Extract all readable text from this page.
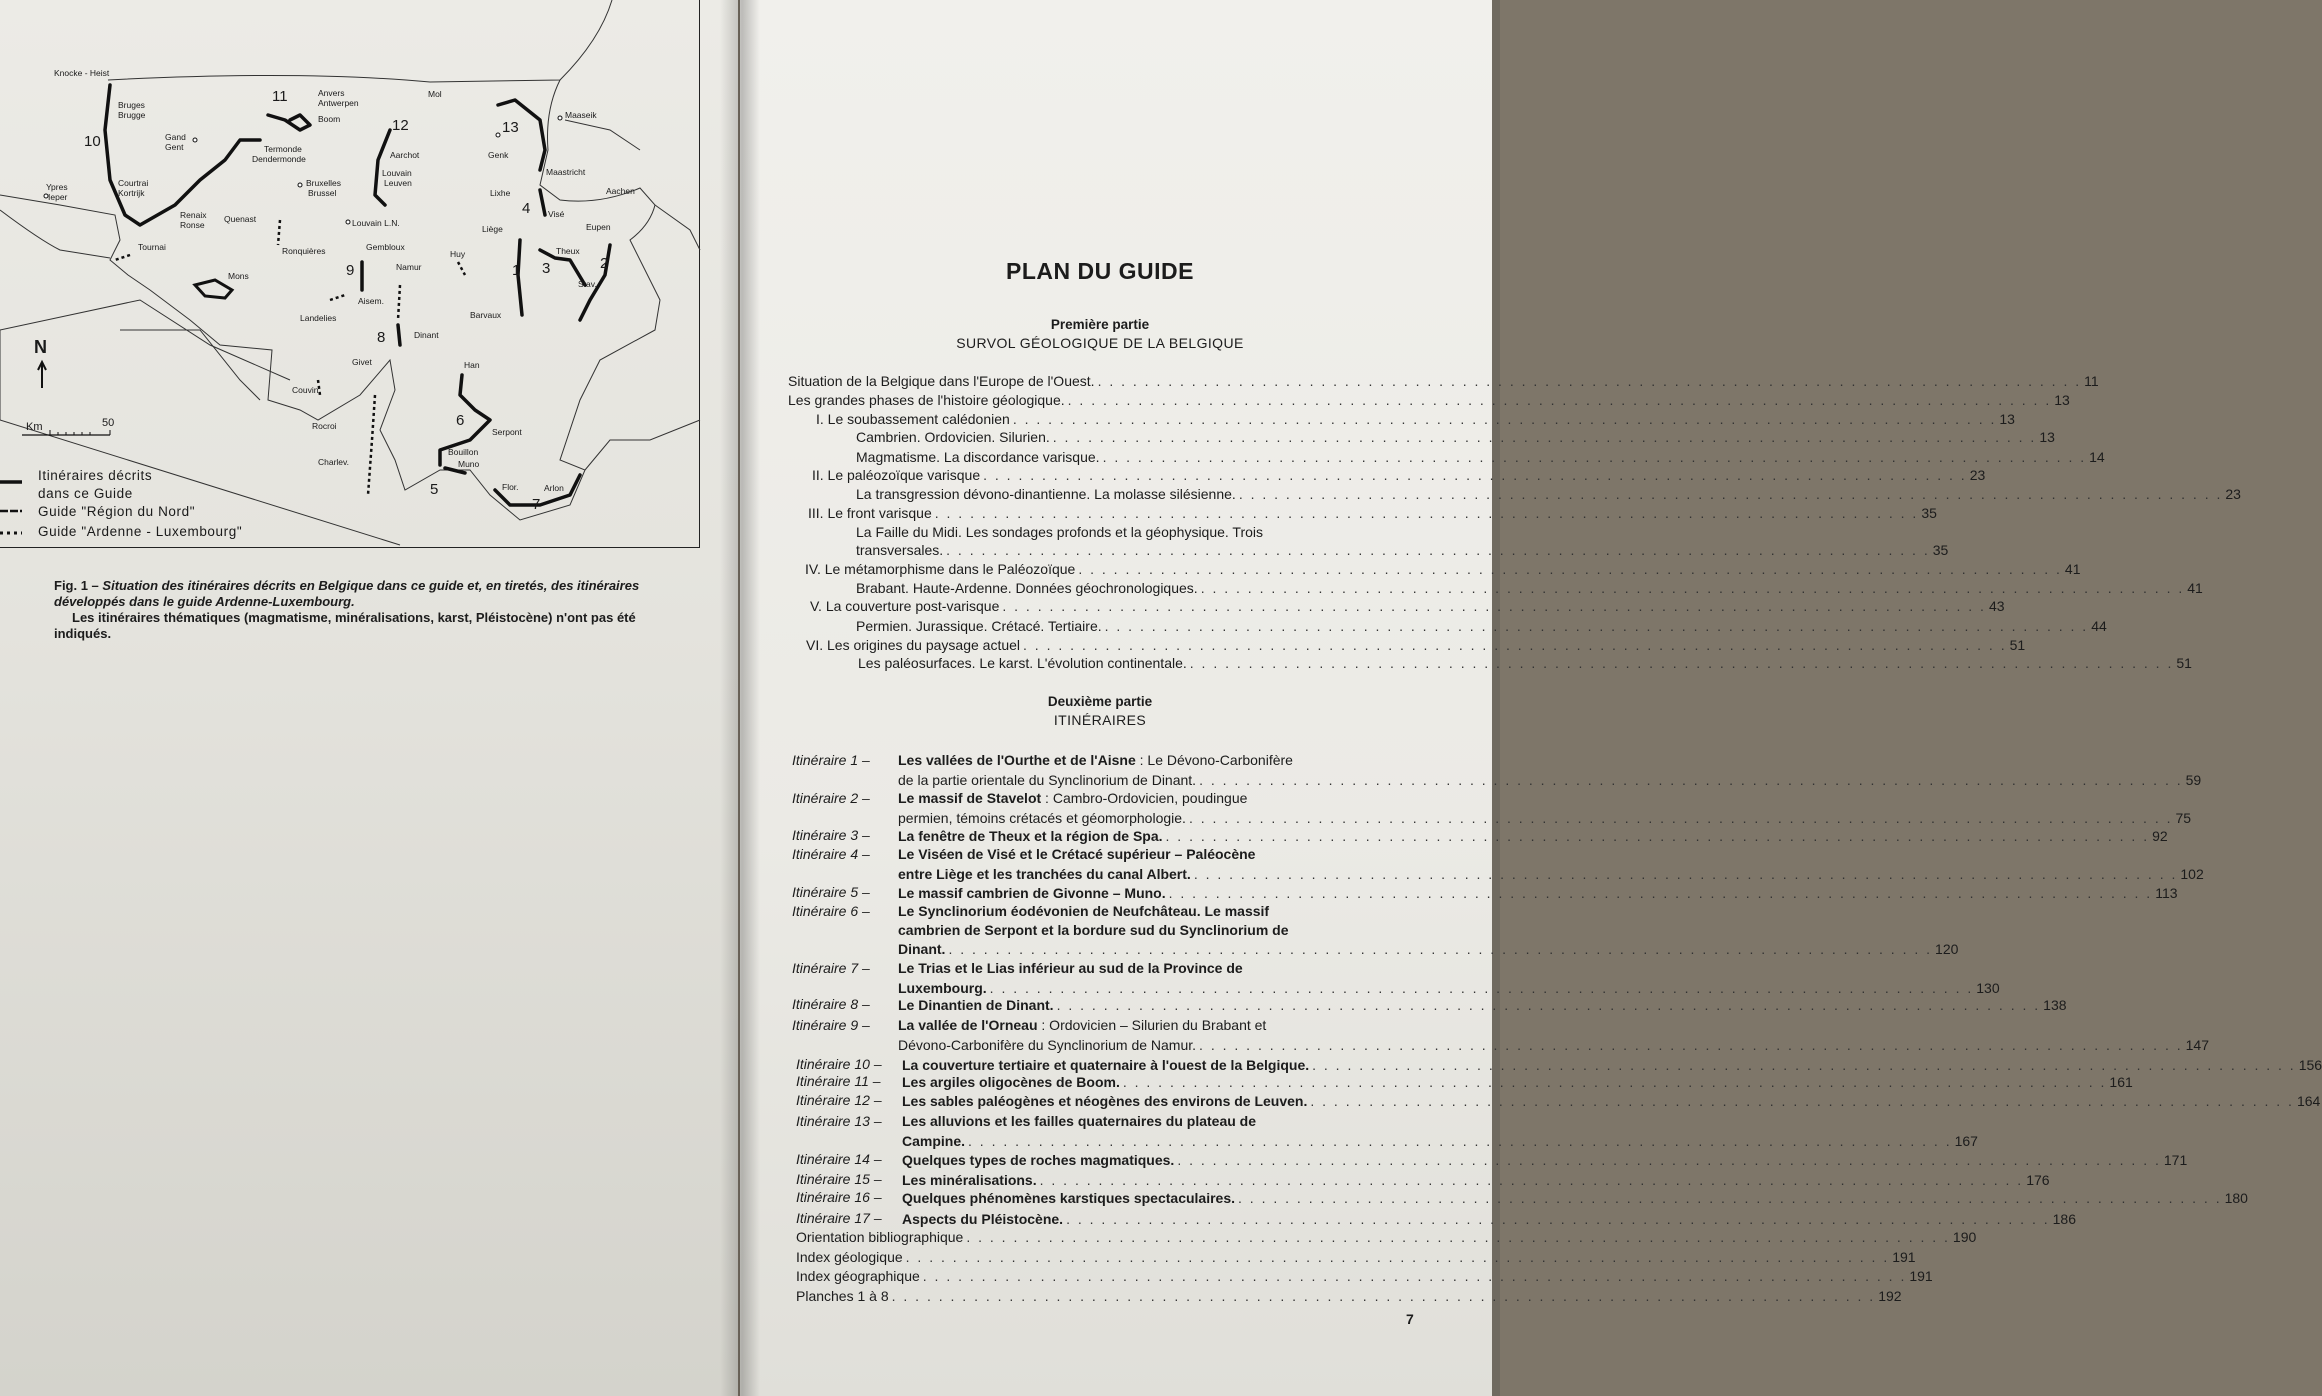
Knocke - Heist
Bruges
Brugge
Gand
Gent
Ypres
Ieper
Courtrai
Kortrijk
Renaix
Ronse
Tournai
Quenast
Termonde
Dendermonde
Bruxelles
Brussel
Anvers
Antwerpen
Boom
Mol
Aarchot
Louvain
Leuven
Louvain L.N.
Genk
Maaseik
Maastricht
Aachen
Lixhe
Visé
Liège	Eupen
Theux
Stav.
Huy
Namur
Gembloux
Ronquières
Mons
Aisem.
Landelies	Barvaux
Dinant
Givet	Han
Couvin
Rocroi
Serpont
Bouillon
Muno
Charlev.
Flor.	Arlon
1	2
3
4
5
6
7
8
9
10
11
12	13
N
Km	50
Itinéraires décrits
dans ce Guide
Guide "Région du Nord"
Guide "Ardenne - Luxembourg"
Fig. 1 – Situation des itinéraires décrits en Belgique dans ce guide et, en tiretés, des itinéraires développés dans le guide Ardenne-Luxembourg.

Les itinéraires thématiques (magmatisme, minéralisations, karst, Pléistocène) n'ont pas été indiqués.

PLAN DU GUIDE
Première partie
SURVOL GÉOLOGIQUE DE LA BELGIQUE
Situation de la Belgique dans l'Europe de l'Ouest. . . . . . . . . . . . . . . . . . . . . . . . . . . . . . . . . . . . . . . . . . . . . . . . . . . . . . . . . . . . . . . . . . . . . . . . . . . . . . . . . . . . . 11
Les grandes phases de l'histoire géologique. . . . . . . . . . . . . . . . . . . . . . . . . . . . . . . . . . . . . . . . . . . . . . . . . . . . . . . . . . . . . . . . . . . . . . . . . . . . . . . . . . . . . 13
I. Le soubassement calédonien . . . . . . . . . . . . . . . . . . . . . . . . . . . . . . . . . . . . . . . . . . . . . . . . . . . . . . . . . . . . . . . . . . . . . . . . . . . . . . . . . . . . 13
Cambrien. Ordovicien. Silurien. . . . . . . . . . . . . . . . . . . . . . . . . . . . . . . . . . . . . . . . . . . . . . . . . . . . . . . . . . . . . . . . . . . . . . . . . . . . . . . . . . . . . 13
Magmatisme. La discordance varisque. . . . . . . . . . . . . . . . . . . . . . . . . . . . . . . . . . . . . . . . . . . . . . . . . . . . . . . . . . . . . . . . . . . . . . . . . . . . . . . . . . . . . 14
II. Le paléozoïque varisque . . . . . . . . . . . . . . . . . . . . . . . . . . . . . . . . . . . . . . . . . . . . . . . . . . . . . . . . . . . . . . . . . . . . . . . . . . . . . . . . . . . . 23
La transgression dévono-dinantienne. La molasse silésienne. . . . . . . . . . . . . . . . . . . . . . . . . . . . . . . . . . . . . . . . . . . . . . . . . . . . . . . . . . . . . . . . . . . . . . . . . . . . . . . . . . . . . 23
III. Le front varisque . . . . . . . . . . . . . . . . . . . . . . . . . . . . . . . . . . . . . . . . . . . . . . . . . . . . . . . . . . . . . . . . . . . . . . . . . . . . . . . . . . . . 35
La Faille du Midi. Les sondages profonds et la géophysique. Trois
transversales. . . . . . . . . . . . . . . . . . . . . . . . . . . . . . . . . . . . . . . . . . . . . . . . . . . . . . . . . . . . . . . . . . . . . . . . . . . . . . . . . . . . . 35
IV. Le métamorphisme dans le Paléozoïque . . . . . . . . . . . . . . . . . . . . . . . . . . . . . . . . . . . . . . . . . . . . . . . . . . . . . . . . . . . . . . . . . . . . . . . . . . . . . . . . . . . . 41
Brabant. Haute-Ardenne. Données géochronologiques. . . . . . . . . . . . . . . . . . . . . . . . . . . . . . . . . . . . . . . . . . . . . . . . . . . . . . . . . . . . . . . . . . . . . . . . . . . . . . . . . . . . . 41
V. La couverture post-varisque . . . . . . . . . . . . . . . . . . . . . . . . . . . . . . . . . . . . . . . . . . . . . . . . . . . . . . . . . . . . . . . . . . . . . . . . . . . . . . . . . . . . 43
Permien. Jurassique. Crétacé. Tertiaire. . . . . . . . . . . . . . . . . . . . . . . . . . . . . . . . . . . . . . . . . . . . . . . . . . . . . . . . . . . . . . . . . . . . . . . . . . . . . . . . . . . . . 44
VI. Les origines du paysage actuel . . . . . . . . . . . . . . . . . . . . . . . . . . . . . . . . . . . . . . . . . . . . . . . . . . . . . . . . . . . . . . . . . . . . . . . . . . . . . . . . . . . . 51
Les paléosurfaces. Le karst. L'évolution continentale. . . . . . . . . . . . . . . . . . . . . . . . . . . . . . . . . . . . . . . . . . . . . . . . . . . . . . . . . . . . . . . . . . . . . . . . . . . . . . . . . . . . . 51
Deuxième partie
ITINÉRAIRES
Itinéraire 1 – Les vallées de l'Ourthe et de l'Aisne : Le Dévono-Carbonifère
de la partie orientale du Synclinorium de Dinant. . . . . . . . . . . . . . . . . . . . . . . . . . . . . . . . . . . . . . . . . . . . . . . . . . . . . . . . . . . . . . . . . . . . . . . . . . . . . . . . . . . . . 59
Itinéraire 2 – Le massif de Stavelot : Cambro-Ordovicien, poudingue
permien, témoins crétacés et géomorphologie. . . . . . . . . . . . . . . . . . . . . . . . . . . . . . . . . . . . . . . . . . . . . . . . . . . . . . . . . . . . . . . . . . . . . . . . . . . . . . . . . . . . . 75
Itinéraire 3 – La fenêtre de Theux et la région de Spa. . . . . . . . . . . . . . . . . . . . . . . . . . . . . . . . . . . . . . . . . . . . . . . . . . . . . . . . . . . . . . . . . . . . . . . . . . . . . . . . . . . . . 92
Itinéraire 4 – Le Viséen de Visé et le Crétacé supérieur – Paléocène
entre Liège et les tranchées du canal Albert. . . . . . . . . . . . . . . . . . . . . . . . . . . . . . . . . . . . . . . . . . . . . . . . . . . . . . . . . . . . . . . . . . . . . . . . . . . . . . . . . . . . . 102
Itinéraire 5 – Le massif cambrien de Givonne – Muno. . . . . . . . . . . . . . . . . . . . . . . . . . . . . . . . . . . . . . . . . . . . . . . . . . . . . . . . . . . . . . . . . . . . . . . . . . . . . . . . . . . . . 113
Itinéraire 6 – Le Synclinorium éodévonien de Neufchâteau. Le massif
cambrien de Serpont et la bordure sud du Synclinorium de
Dinant. . . . . . . . . . . . . . . . . . . . . . . . . . . . . . . . . . . . . . . . . . . . . . . . . . . . . . . . . . . . . . . . . . . . . . . . . . . . . . . . . . . . . 120
Itinéraire 7 – Le Trias et le Lias inférieur au sud de la Province de
Luxembourg. . . . . . . . . . . . . . . . . . . . . . . . . . . . . . . . . . . . . . . . . . . . . . . . . . . . . . . . . . . . . . . . . . . . . . . . . . . . . . . . . . . . . 130
Itinéraire 8 – Le Dinantien de Dinant. . . . . . . . . . . . . . . . . . . . . . . . . . . . . . . . . . . . . . . . . . . . . . . . . . . . . . . . . . . . . . . . . . . . . . . . . . . . . . . . . . . . . 138
Itinéraire 9 – La vallée de l'Orneau : Ordovicien – Silurien du Brabant et
Dévono-Carbonifère du Synclinorium de Namur. . . . . . . . . . . . . . . . . . . . . . . . . . . . . . . . . . . . . . . . . . . . . . . . . . . . . . . . . . . . . . . . . . . . . . . . . . . . . . . . . . . . . 147
Itinéraire 10 – La couverture tertiaire et quaternaire à l'ouest de la Belgique. . . . . . . . . . . . . . . . . . . . . . . . . . . . . . . . . . . . . . . . . . . . . . . . . . . . . . . . . . . . . . . . . . . . . . . . . . . . . . . . . . . . . 156
Itinéraire 11 – Les argiles oligocènes de Boom. . . . . . . . . . . . . . . . . . . . . . . . . . . . . . . . . . . . . . . . . . . . . . . . . . . . . . . . . . . . . . . . . . . . . . . . . . . . . . . . . . . . . 161
Itinéraire 12 – Les sables paléogènes et néogènes des environs de Leuven. . . . . . . . . . . . . . . . . . . . . . . . . . . . . . . . . . . . . . . . . . . . . . . . . . . . . . . . . . . . . . . . . . . . . . . . . . . . . . . . . . . . . 164
Itinéraire 13 – Les alluvions et les failles quaternaires du plateau de
Campine. . . . . . . . . . . . . . . . . . . . . . . . . . . . . . . . . . . . . . . . . . . . . . . . . . . . . . . . . . . . . . . . . . . . . . . . . . . . . . . . . . . . . 167
Itinéraire 14 – Quelques types de roches magmatiques. . . . . . . . . . . . . . . . . . . . . . . . . . . . . . . . . . . . . . . . . . . . . . . . . . . . . . . . . . . . . . . . . . . . . . . . . . . . . . . . . . . . . 171
Itinéraire 15 – Les minéralisations. . . . . . . . . . . . . . . . . . . . . . . . . . . . . . . . . . . . . . . . . . . . . . . . . . . . . . . . . . . . . . . . . . . . . . . . . . . . . . . . . . . . . 176
Itinéraire 16 – Quelques phénomènes karstiques spectaculaires. . . . . . . . . . . . . . . . . . . . . . . . . . . . . . . . . . . . . . . . . . . . . . . . . . . . . . . . . . . . . . . . . . . . . . . . . . . . . . . . . . . . . 180
Itinéraire 17 – Aspects du Pléistocène. . . . . . . . . . . . . . . . . . . . . . . . . . . . . . . . . . . . . . . . . . . . . . . . . . . . . . . . . . . . . . . . . . . . . . . . . . . . . . . . . . . . . 186
Orientation bibliographique . . . . . . . . . . . . . . . . . . . . . . . . . . . . . . . . . . . . . . . . . . . . . . . . . . . . . . . . . . . . . . . . . . . . . . . . . . . . . . . . . . . . 190
Index géologique . . . . . . . . . . . . . . . . . . . . . . . . . . . . . . . . . . . . . . . . . . . . . . . . . . . . . . . . . . . . . . . . . . . . . . . . . . . . . . . . . . . . 191
Index géographique . . . . . . . . . . . . . . . . . . . . . . . . . . . . . . . . . . . . . . . . . . . . . . . . . . . . . . . . . . . . . . . . . . . . . . . . . . . . . . . . . . . . 191
Planches 1 à 8 . . . . . . . . . . . . . . . . . . . . . . . . . . . . . . . . . . . . . . . . . . . . . . . . . . . . . . . . . . . . . . . . . . . . . . . . . . . . . . . . . . . . 192
7
